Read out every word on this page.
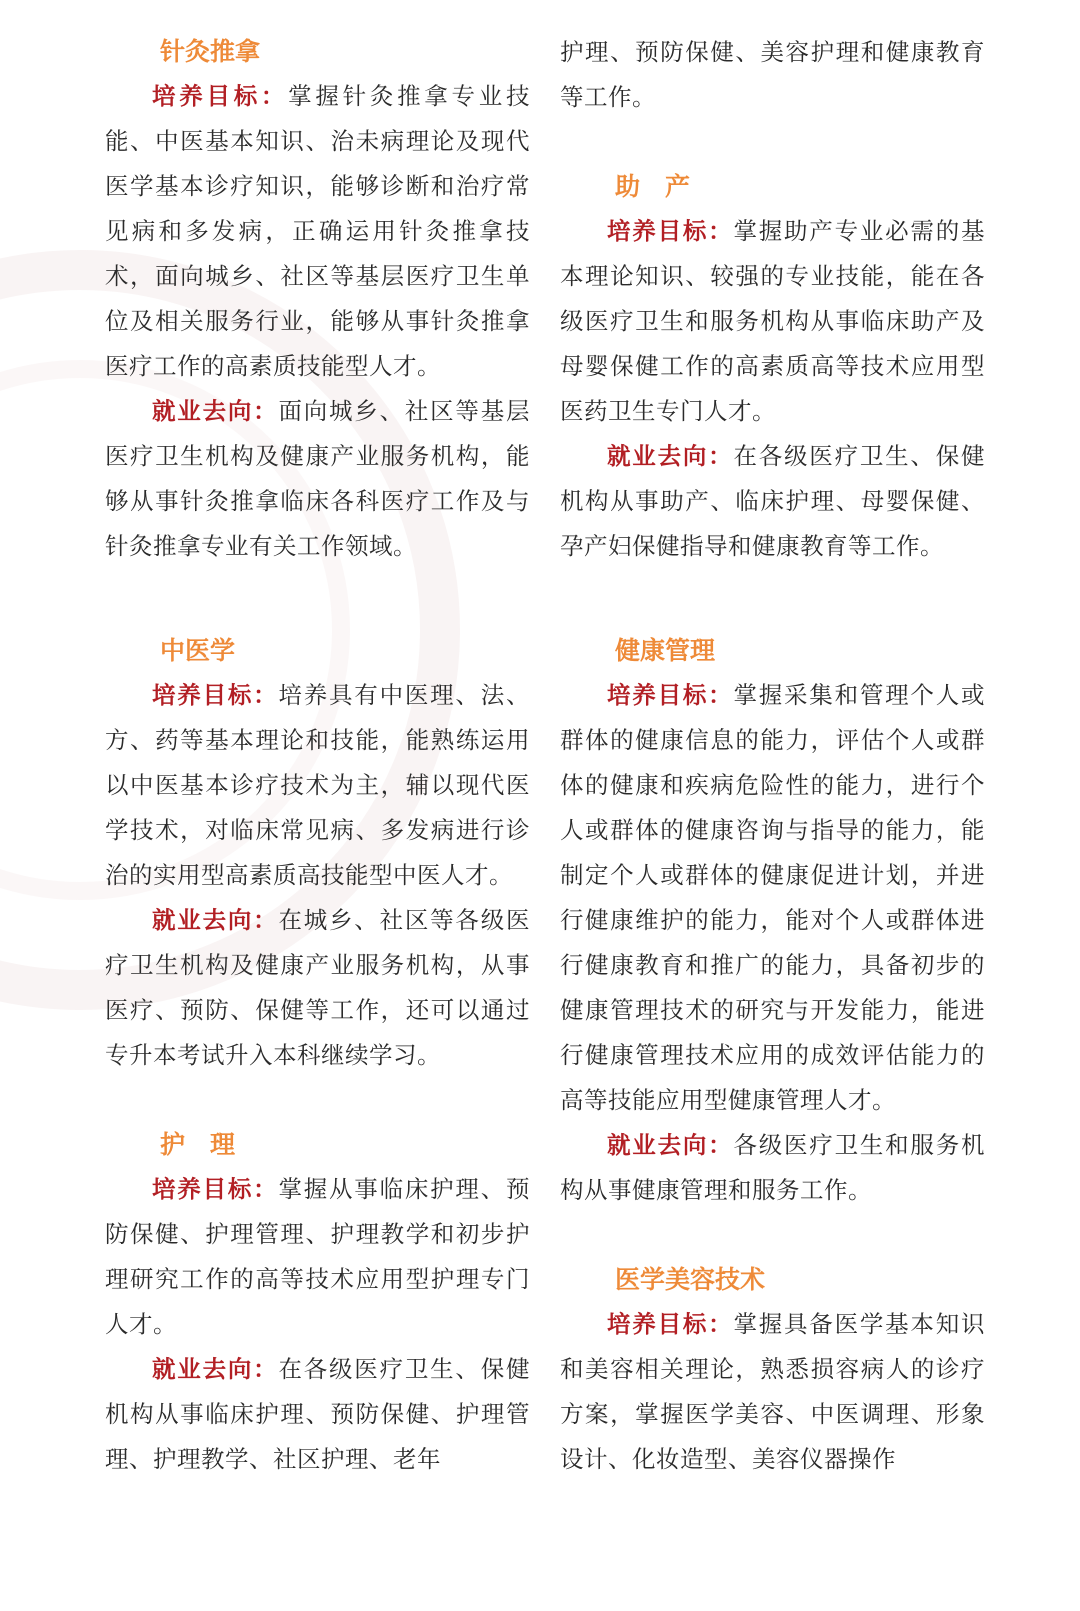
针灸推拿

培养目标：掌握针灸推拿专业技能、中医基本知识、治未病理论及现代医学基本诊疗知识，能够诊断和治疗常见病和多发病，正确运用针灸推拿技术，面向城乡、社区等基层医疗卫生单位及相关服务行业，能够从事针灸推拿医疗工作的高素质技能型人才。

就业去向：面向城乡、社区等基层医疗卫生机构及健康产业服务机构，能够从事针灸推拿临床各科医疗工作及与针灸推拿专业有关工作领域。

中医学

培养目标：培养具有中医理、法、方、药等基本理论和技能，能熟练运用以中医基本诊疗技术为主，辅以现代医学技术，对临床常见病、多发病进行诊治的实用型高素质高技能型中医人才。

就业去向：在城乡、社区等各级医疗卫生机构及健康产业服务机构，从事医疗、预防、保健等工作，还可以通过专升本考试升入本科继续学习。

护　理

培养目标：掌握从事临床护理、预防保健、护理管理、护理教学和初步护理研究工作的高等技术应用型护理专门人才。

就业去向：在各级医疗卫生、保健机构从事临床护理、预防保健、护理管理、护理教学、社区护理、老年

护理、预防保健、美容护理和健康教育等工作。

助　产

培养目标：掌握助产专业必需的基本理论知识、较强的专业技能，能在各级医疗卫生和服务机构从事临床助产及母婴保健工作的高素质高等技术应用型医药卫生专门人才。

就业去向：在各级医疗卫生、保健机构从事助产、临床护理、母婴保健、孕产妇保健指导和健康教育等工作。

健康管理

培养目标：掌握采集和管理个人或群体的健康信息的能力，评估个人或群体的健康和疾病危险性的能力，进行个人或群体的健康咨询与指导的能力，能制定个人或群体的健康促进计划，并进行健康维护的能力，能对个人或群体进行健康教育和推广的能力，具备初步的健康管理技术的研究与开发能力，能进行健康管理技术应用的成效评估能力的高等技能应用型健康管理人才。

就业去向：各级医疗卫生和服务机构从事健康管理和服务工作。

医学美容技术

培养目标：掌握具备医学基本知识和美容相关理论，熟悉损容病人的诊疗方案，掌握医学美容、中医调理、形象设计、化妆造型、美容仪器操作
